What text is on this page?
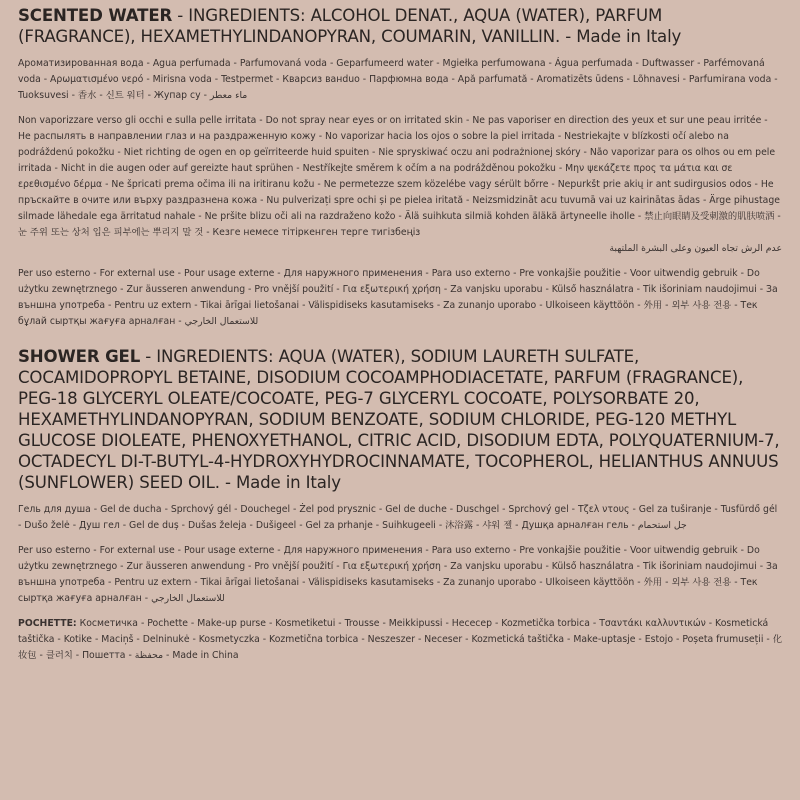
SCENTED WATER - INGREDIENTS: ALCOHOL DENAT., AQUA (WATER), PARFUM (FRAGRANCE), HEXAMETHYLINDANOPYRAN, COUMARIN, VANILLIN. - Made in Italy

Ароматизированная вода - Agua perfumada - Parfumovaná voda - Geparfumeerd water - Mgiełka perfumowana - Água perfumada - Duftwasser - Parfémovaná voda - Αρωματισμένο νερό - Mirisna voda - Testpermet - Кварсиз ванduo - Парфюмна вода - Apă parfumată - Aromatizēts ūdens - Lõhnavesi - Parfumirana voda - Tuoksuvesi - 香水 - 신트 워터 - Жупар су - ماء معطر

Non vaporizzare verso gli occhi e sulla pelle irritata - Do not spray near eyes or on irritated skin - Ne pas vaporiser en direction des yeux et sur une peau irritée - Не распылять в направлении глаз и на раздраженную кожу - No vaporizar hacia los ojos o sobre la piel irritada - Nestriekajte v blízkosti očí alebo na podráždenú pokožku - Niet richting de ogen en op geïrriteerde huid spuiten - Nie spryskiwać oczu ani podrażnionej skóry - Não vaporizar para os olhos ou em pele irritada - Nicht in die augen oder auf gereizte haut sprühen - Nestříkejte směrem k očím a na podrážděnou pokožku - Μην ψεκάζετε προς τα μάτια και σε ερεθισμένο δέρμα - Ne špricati prema očima ili na iritiranu kožu - Ne permetezze szem közelébe vagy sérült bőrre - Nepurkšt prie akių ir ant sudirgusios odos - Не пръскайте в очите или върху раздразнена кожа - Nu pulverizați spre ochi și pe pielea iritată - Neizsmidzināt acu tuvumā vai uz kairinātas ādas - Ärge pihustage silmade lähedale ega ärritatud nahale - Ne pršite blizu oči ali na razdraženo kožo - Älä suihkuta silmiä kohden äläkä ärtyneelle iholle - 禁止向眼睛及受刺激的肌肤喷洒 - 눈 주위 또는 상처 입은 피부에는 뿌리지 말 것 - Кезге немесе тітіркенген терге тигізбеңіз

عدم الرش تجاه العيون وعلى البشرة الملتهبة

Per uso esterno - For external use - Pour usage externe - Для наружного применения - Para uso externo - Pre vonkajšie použitie - Voor uitwendig gebruik - Do użytku zewnętrznego - Zur äusseren anwendung - Pro vnější použití - Για εξωτερική χρήση - Za vanjsku uporabu - Külső használatra - Tik išoriniam naudojimui - За външна употреба - Pentru uz extern - Tikai ārīgai lietošanai - Välispidiseks kasutamiseks - Za zunanjo uporabo - Ulkoiseen käyttöön - 外用 - 외부 사용 전용 - Тек бұлай сыртқы жағуға арналған - للاستعمال الخارجي

SHOWER GEL - INGREDIENTS: AQUA (WATER), SODIUM LAURETH SULFATE, COCAMIDOPROPYL BETAINE, DISODIUM COCOAMPHODIACETATE, PARFUM (FRAGRANCE), PEG-18 GLYCERYL OLEATE/COCOATE, PEG-7 GLYCERYL COCOATE, POLYSORBATE 20, HEXAMETHYLINDANOPYRAN, SODIUM BENZOATE, SODIUM CHLORIDE, PEG-120 METHYL GLUCOSE DIOLEATE, PHENOXYETHANOL, CITRIC ACID, DISODIUM EDTA, POLYQUATERNIUM-7, OCTADECYL DI-T-BUTYL-4-HYDROXYHYDROCINNAMATE, TOCOPHEROL, HELIANTHUS ANNUUS (SUNFLOWER) SEED OIL. - Made in Italy

Гель для душа - Gel de ducha - Sprchový gél - Douchegel - Żel pod prysznic - Gel de duche - Duschgel - Sprchový gel - Τζελ ντους - Gel za tuširanje - Tusfürdő gél - Dušo želė - Душ гел - Gel de duș - Dušas želeja - Dušigeel - Gel za prhanje - Suihkugeeli - 沐浴露 - 샤워 젤 - Душқа арналған гель - جل استحمام

Per uso esterno - For external use - Pour usage externe - Для наружного применения - Para uso externo - Pre vonkajšie použitie - Voor uitwendig gebruik - Do użytku zewnętrznego - Zur äusseren anwendung - Pro vnější použití - Για εξωτερική χρήση - Za vanjsku uporabu - Külső használatra - Tik išoriniam naudojimui - За външна употреба - Pentru uz extern - Tikai ārīgai lietošanai - Välispidiseks kasutamiseks - Za zunanjo uporabo - Ulkoiseen käyttöön - 外用 - 외부 사용 전용 - Тек сыртқа жағуға арналған - للاستعمال الخارجي

POCHETTE: Косметичка - Pochette - Make-up purse - Kosmetiketui - Trousse - Meikkipussi - Несесер - Kozmetička torbica - Τσαντάκι καλλυντικών - Kosmetická taštička - Kotike - Maciņš - Delninukė - Kosmetyczka - Kozmetična torbica - Neszeszer - Neceser - Kozmetická taštička - Make-uptasje - Estojo - Poșeta frumuseții - 化妆包 - 클러치 - Пошетта - محفظة - Made in China
